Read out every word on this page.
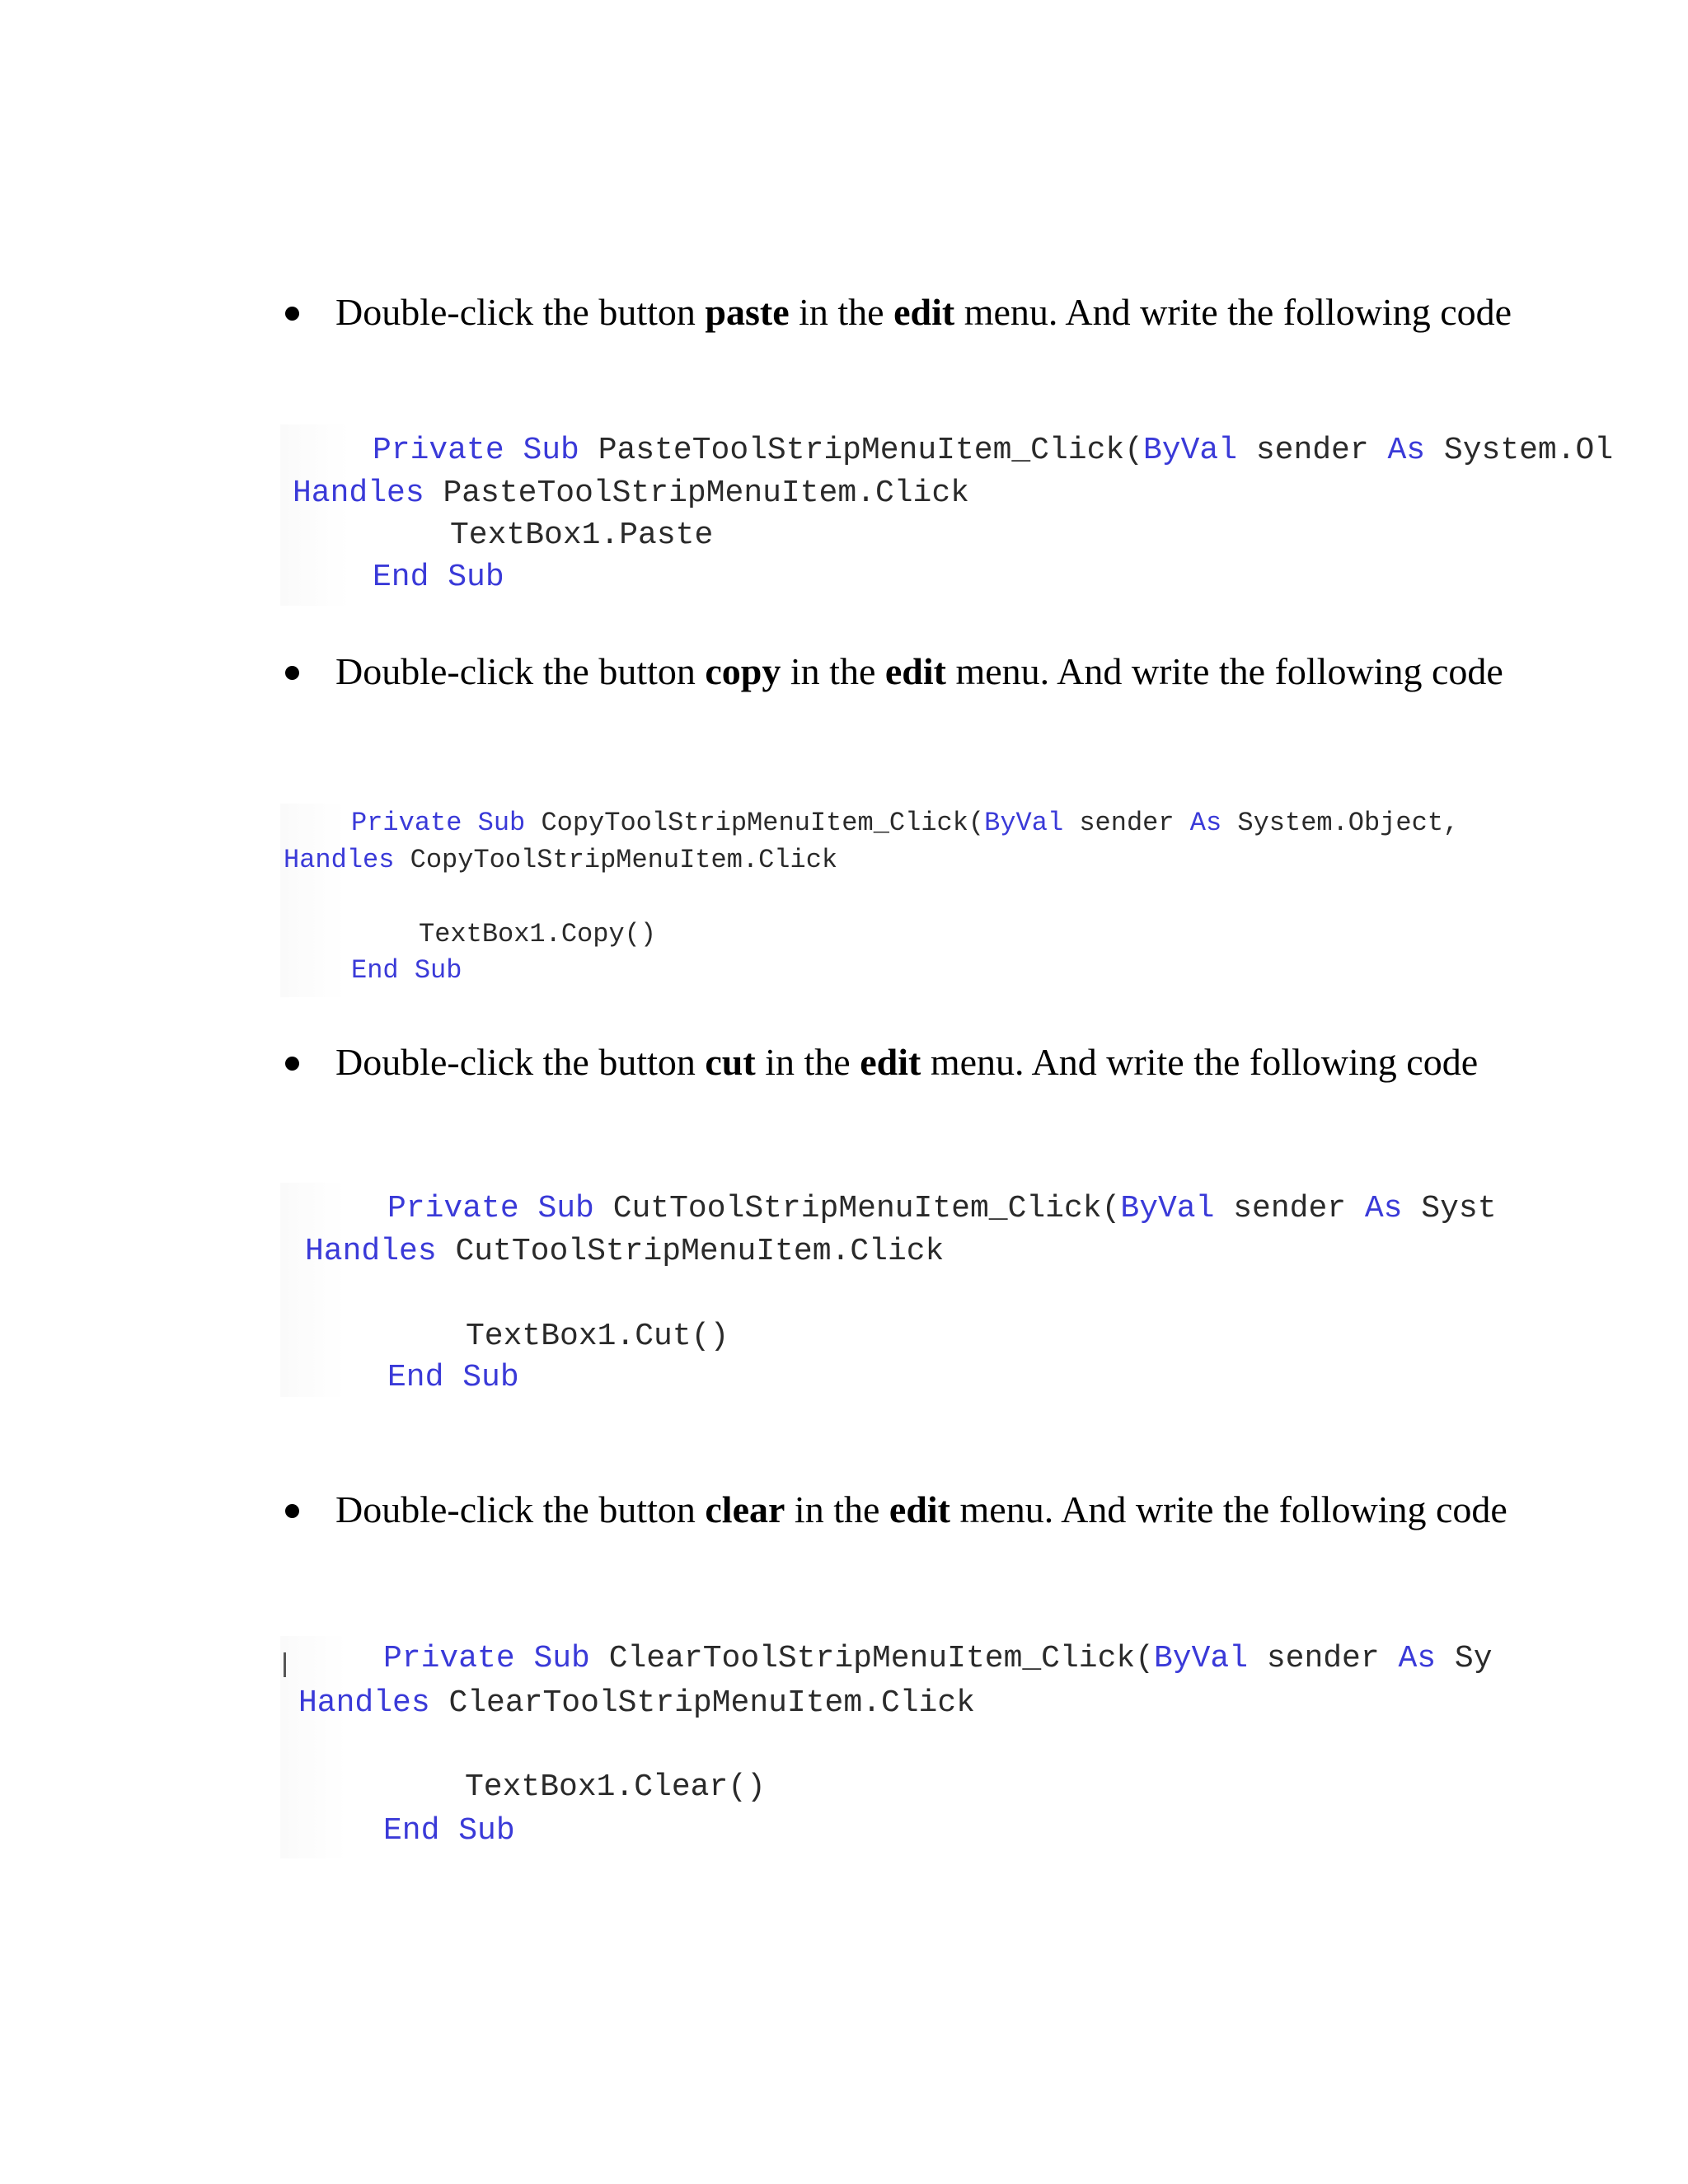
Double-click the button paste in the edit menu. And write the following code

Private Sub PasteToolStripMenuItem_Click(ByVal sender As System.Ol

Handles PasteToolStripMenuItem.Click

TextBox1.Paste

End Sub

Double-click the button copy in the edit menu. And write the following code

Private Sub CopyToolStripMenuItem_Click(ByVal sender As System.Object,

Handles CopyToolStripMenuItem.Click

TextBox1.Copy()

End Sub

Double-click the button cut in the edit menu. And write the following code

Private Sub CutToolStripMenuItem_Click(ByVal sender As Syst

Handles CutToolStripMenuItem.Click

TextBox1.Cut()

End Sub

Double-click the button clear in the edit menu. And write the following code

Private Sub ClearToolStripMenuItem_Click(ByVal sender As Sy

Handles ClearToolStripMenuItem.Click

TextBox1.Clear()

End Sub
